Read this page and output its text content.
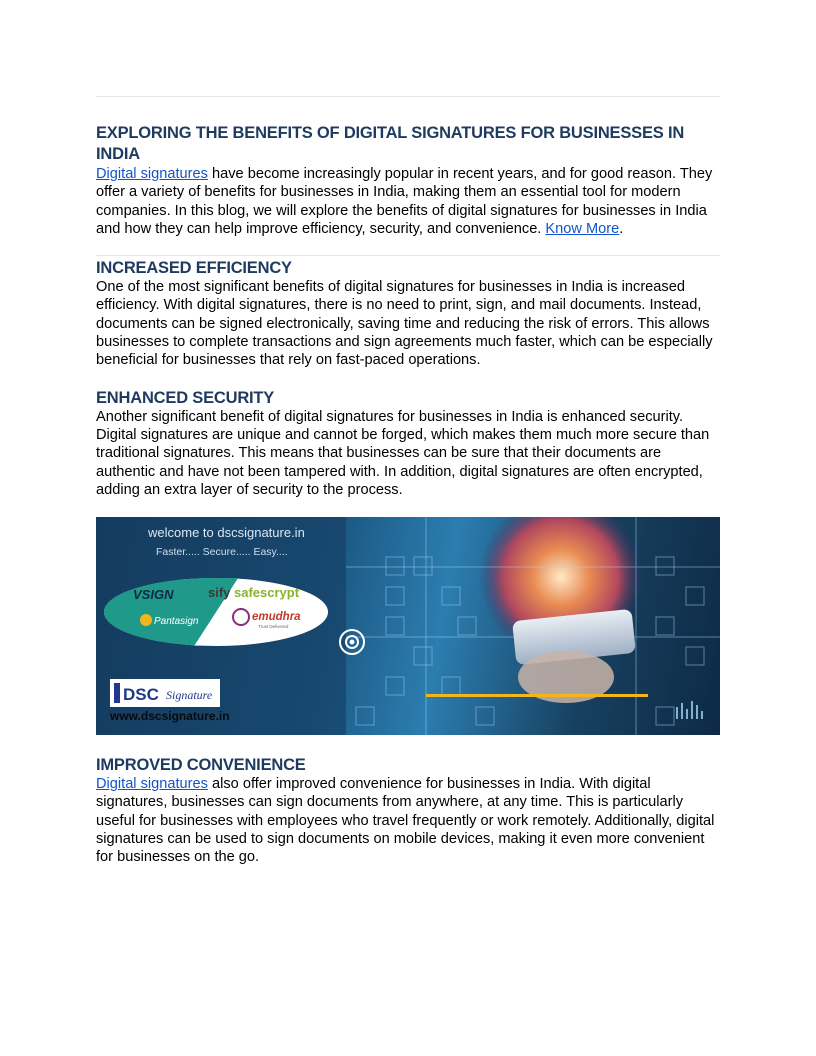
EXPLORING THE BENEFITS OF DIGITAL SIGNATURES FOR BUSINESSES IN INDIA

Digital signatures have become increasingly popular in recent years, and for good reason. They offer a variety of benefits for businesses in India, making them an essential tool for modern companies. In this blog, we will explore the benefits of digital signatures for businesses in India and how they can help improve efficiency, security, and convenience. Know More.

INCREASED EFFICIENCY

One of the most significant benefits of digital signatures for businesses in India is increased efficiency. With digital signatures, there is no need to print, sign, and mail documents. Instead, documents can be signed electronically, saving time and reducing the risk of errors. This allows businesses to complete transactions and sign agreements much faster, which can be especially beneficial for businesses that rely on fast-paced operations.

ENHANCED SECURITY

Another significant benefit of digital signatures for businesses in India is enhanced security. Digital signatures are unique and cannot be forged, which makes them much more secure than traditional signatures. This means that businesses can be sure that their documents are authentic and have not been tampered with. In addition, digital signatures are often encrypted, adding an extra layer of security to the process.

welcome to dscsignature.in
Faster..... Secure..... Easy....
VSIGN	sify safescrypt
Pantasign	emudhra
Trust Delivered
DSC Signature
www.dscsignature.in
IMPROVED CONVENIENCE

Digital signatures also offer improved convenience for businesses in India. With digital signatures, businesses can sign documents from anywhere, at any time. This is particularly useful for businesses with employees who travel frequently or work remotely. Additionally, digital signatures can be used to sign documents on mobile devices, making it even more convenient for businesses on the go.
